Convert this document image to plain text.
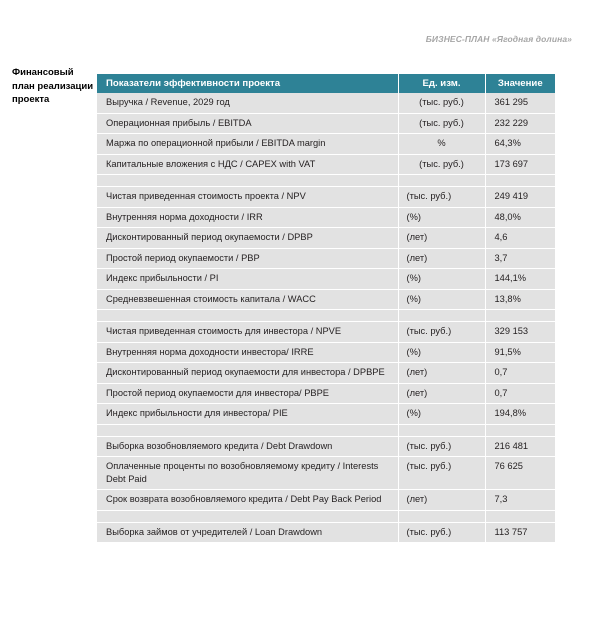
БИЗНЕС-ПЛАН «Ягодная долина»
Финансовый план реализации проекта
Показатели эффективности проекта	Ед. изм.	Значение
Выручка / Revenue, 2029 год	(тыс. руб.)	361 295
Операционная прибыль / EBITDA	(тыс. руб.)	232 229
Маржа по операционной прибыли / EBITDA margin	%	64,3%
Капитальные вложения с НДС / CAPEX with VAT	(тыс. руб.)	173 697

Чистая приведенная стоимость проекта / NPV	(тыс. руб.)	249 419
Внутренняя норма доходности / IRR	(%)	48,0%
Дисконтированный период окупаемости / DPBP	(лет)	4,6
Простой период окупаемости / PBP	(лет)	3,7
Индекс прибыльности / PI	(%)	144,1%
Средневзвешенная стоимость капитала / WACC	(%)	13,8%

Чистая приведенная стоимость для инвестора / NPVE	(тыс. руб.)	329 153
Внутренняя норма доходности инвестора/ IRRE	(%)	91,5%
Дисконтированный период окупаемости для инвестора / DPBPE	(лет)	0,7
Простой период окупаемости для инвестора/ PBPE	(лет)	0,7
Индекс прибыльности для инвестора/ PIE	(%)	194,8%

Выборка возобновляемого кредита / Debt Drawdown	(тыс. руб.)	216 481
Оплаченные проценты по возобновляемому кредиту / Interests Debt Paid	(тыс. руб.)	76 625
Срок возврата возобновляемого кредита / Debt Pay Back Period	(лет)	7,3

Выборка займов от учредителей / Loan Drawdown	(тыс. руб.)	113 757
